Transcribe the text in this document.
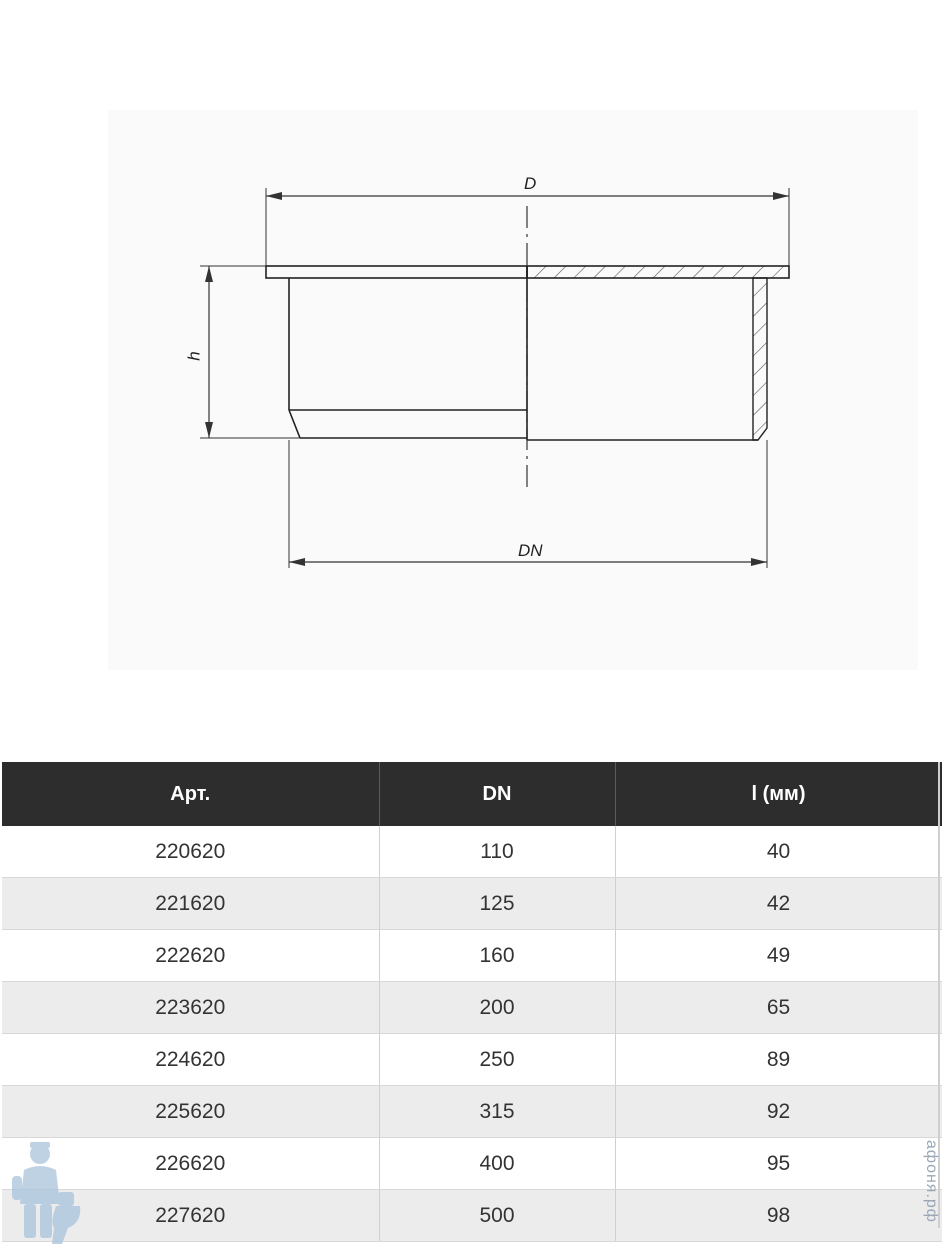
D
h
DN
Арт.	DN	l (мм)
220620	110	40
221620	125	42
222620	160	49
223620	200	65
224620	250	89
225620	315	92
226620	400	95
227620	500	98	афоня.рф
